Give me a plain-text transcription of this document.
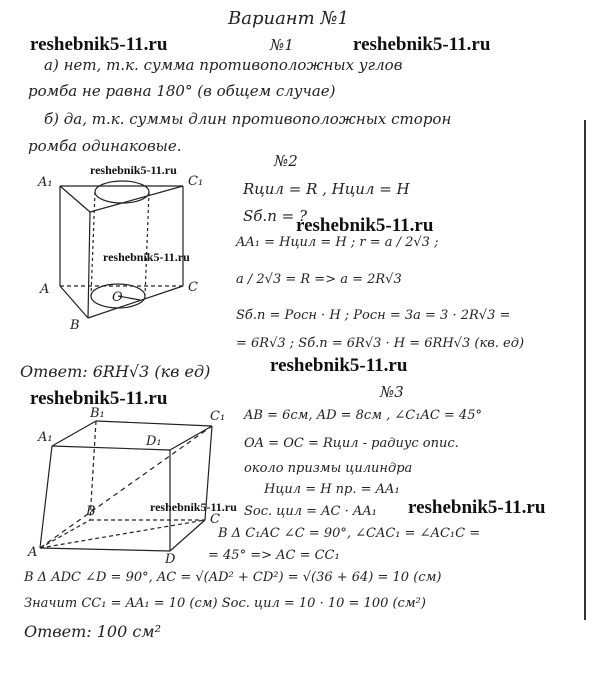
Вариант №1
reshebnik5-11.ru	reshebnik5-11.ru
reshebnik5-11.ru
reshebnik5-11.ru
reshebnik5-11.ru
reshebnik5-11.ru
reshebnik5-11.ru
reshebnik5-11.ru
reshebnik5-11.ru
№1
а) нет, т.к. сумма противоположных углов
ромба не равна 180° (в общем случае)
б) да, т.к. суммы длин противоположных сторон
ромба одинаковые.
№2
Rцил = R , Hцил = H
Sб.п = ?
AA₁ = Hцил = H ; r = a / 2√3 ;
a / 2√3 = R => a = 2R√3
Sб.п = Pосн · H ; Pосн = 3a = 3 · 2R√3 =
= 6R√3 ; Sб.п = 6R√3 · H = 6RH√3 (кв. ед)
Ответ: 6RH√3 (кв ед)
№3
AB = 6см, AD = 8см , ∠C₁AC = 45°
OA = OC = Rцил - радиус опис.
около призмы цилиндра
Hцил = H пр. = AA₁
Sос. цил = AC · AA₁
В Δ C₁AC ∠C = 90°, ∠CAC₁ = ∠AC₁C =
= 45° => AC = CC₁
В Δ ADC ∠D = 90°, AC = √(AD² + CD²) = √(36 + 64) = 10 (см)
Значит CC₁ = AA₁ = 10 (см) Sос. цил = 10 · 10 = 100 (см²)
Ответ: 100 см²
A₁	C₁
A	C
B
O
B₁	C₁
A₁	D₁
B
C
A	D
